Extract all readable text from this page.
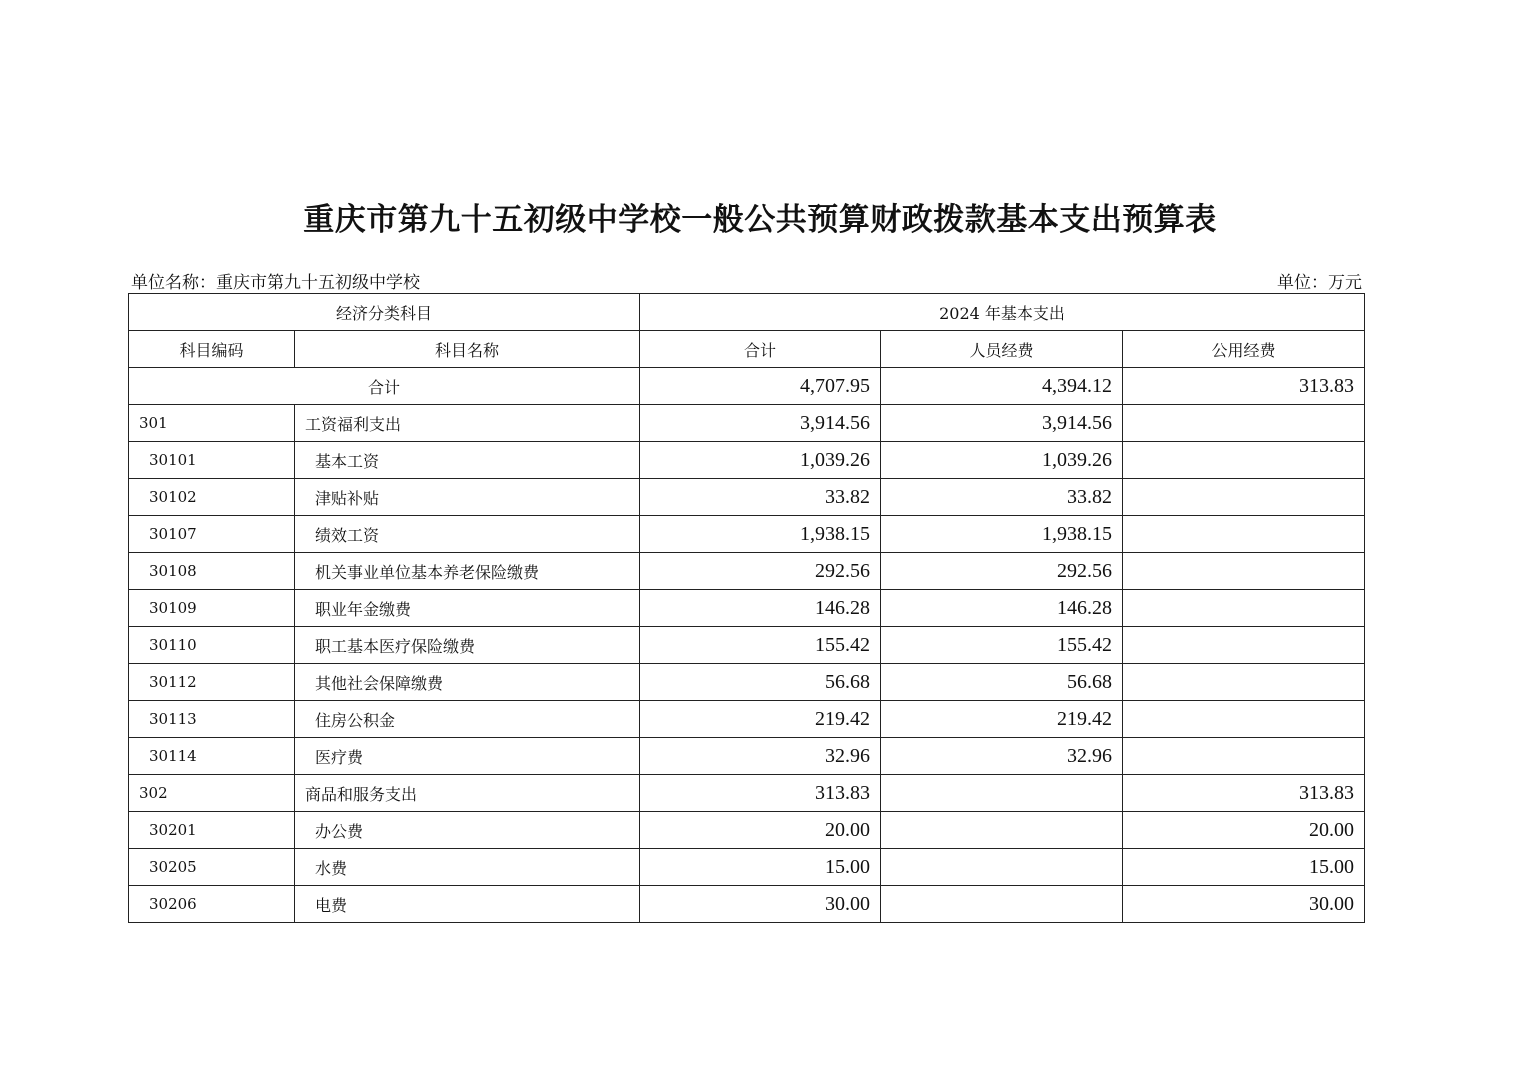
重庆市第九十五初级中学校一般公共预算财政拨款基本支出预算表
单位名称：重庆市第九十五初级中学校	单位：万元
经济分类科目		2024 年基本支出		
科目编码	科目名称	合计	人员经费	公用经费
合计		4,707.95	4,394.12	313.83
301	工资福利支出	3,914.56	3,914.56	
30101	基本工资	1,039.26	1,039.26	
30102	津贴补贴	33.82	33.82	
30107	绩效工资	1,938.15	1,938.15	
30108	机关事业单位基本养老保险缴费	292.56	292.56	
30109	职业年金缴费	146.28	146.28	
30110	职工基本医疗保险缴费	155.42	155.42	
30112	其他社会保障缴费	56.68	56.68	
30113	住房公积金	219.42	219.42	
30114	医疗费	32.96	32.96	
302	商品和服务支出	313.83		313.83
30201	办公费	20.00		20.00
30205	水费	15.00		15.00
30206	电费	30.00		30.00
